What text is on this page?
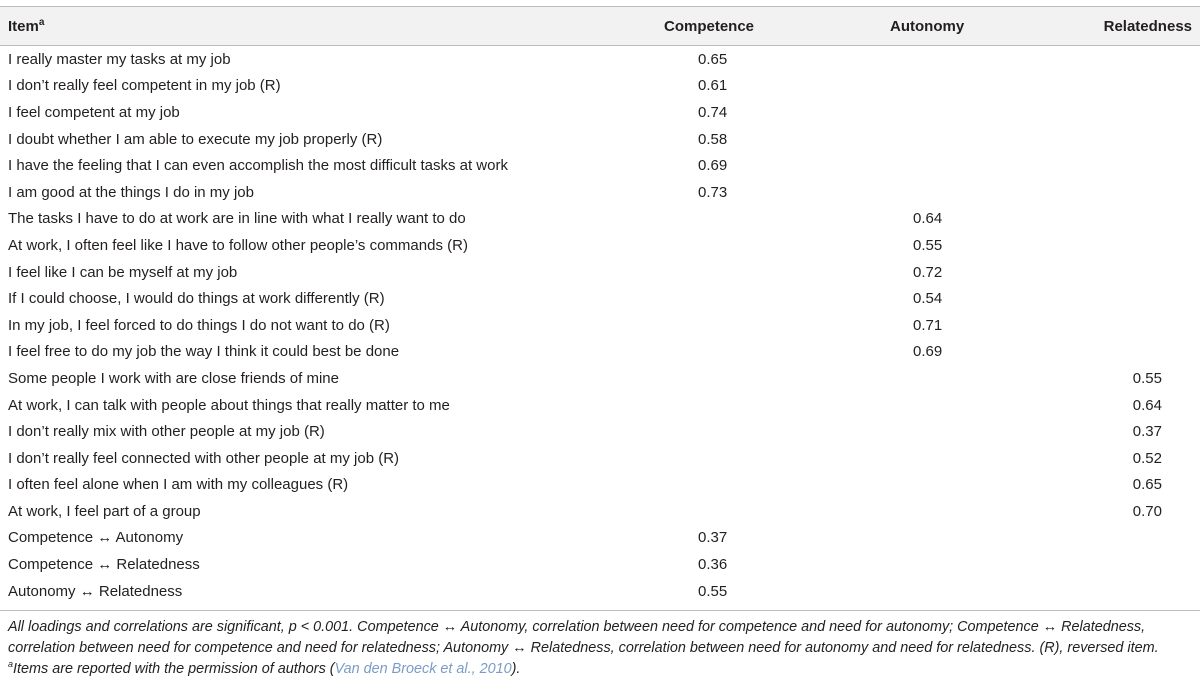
Item$^a$	Competence	Autonomy	Relatedness
I really master my tasks at my job	0.65		
I don’t really feel competent in my job (R)	0.61		
I feel competent at my job	0.74		
I doubt whether I am able to execute my job properly (R)	0.58		
I have the feeling that I can even accomplish the most difficult tasks at work	0.69		
I am good at the things I do in my job	0.73		
The tasks I have to do at work are in line with what I really want to do		0.64	
At work, I often feel like I have to follow other people’s commands (R)		0.55	
I feel like I can be myself at my job		0.72	
If I could choose, I would do things at work differently (R)		0.54	
In my job, I feel forced to do things I do not want to do (R)		0.71	
I feel free to do my job the way I think it could best be done		0.69	
Some people I work with are close friends of mine			0.55
At work, I can talk with people about things that really matter to me			0.64
I don’t really mix with other people at my job (R)			0.37
I don’t really feel connected with other people at my job (R)			0.52
I often feel alone when I am with my colleagues (R)			0.65
At work, I feel part of a group			0.70
Competence ↔ Autonomy	0.37		
Competence ↔ Relatedness	0.36		
Autonomy ↔ Relatedness	0.55		
All loadings and correlations are significant, p < 0.001. Competence ↔ Autonomy, correlation between need for competence and need for autonomy; Competence ↔ Relatedness, correlation between need for competence and need for relatedness; Autonomy ↔ Relatedness, correlation between need for autonomy and need for relatedness. (R), reversed item. $^a$Items are reported with the permission of authors (Van den Broeck et al., 2010).
